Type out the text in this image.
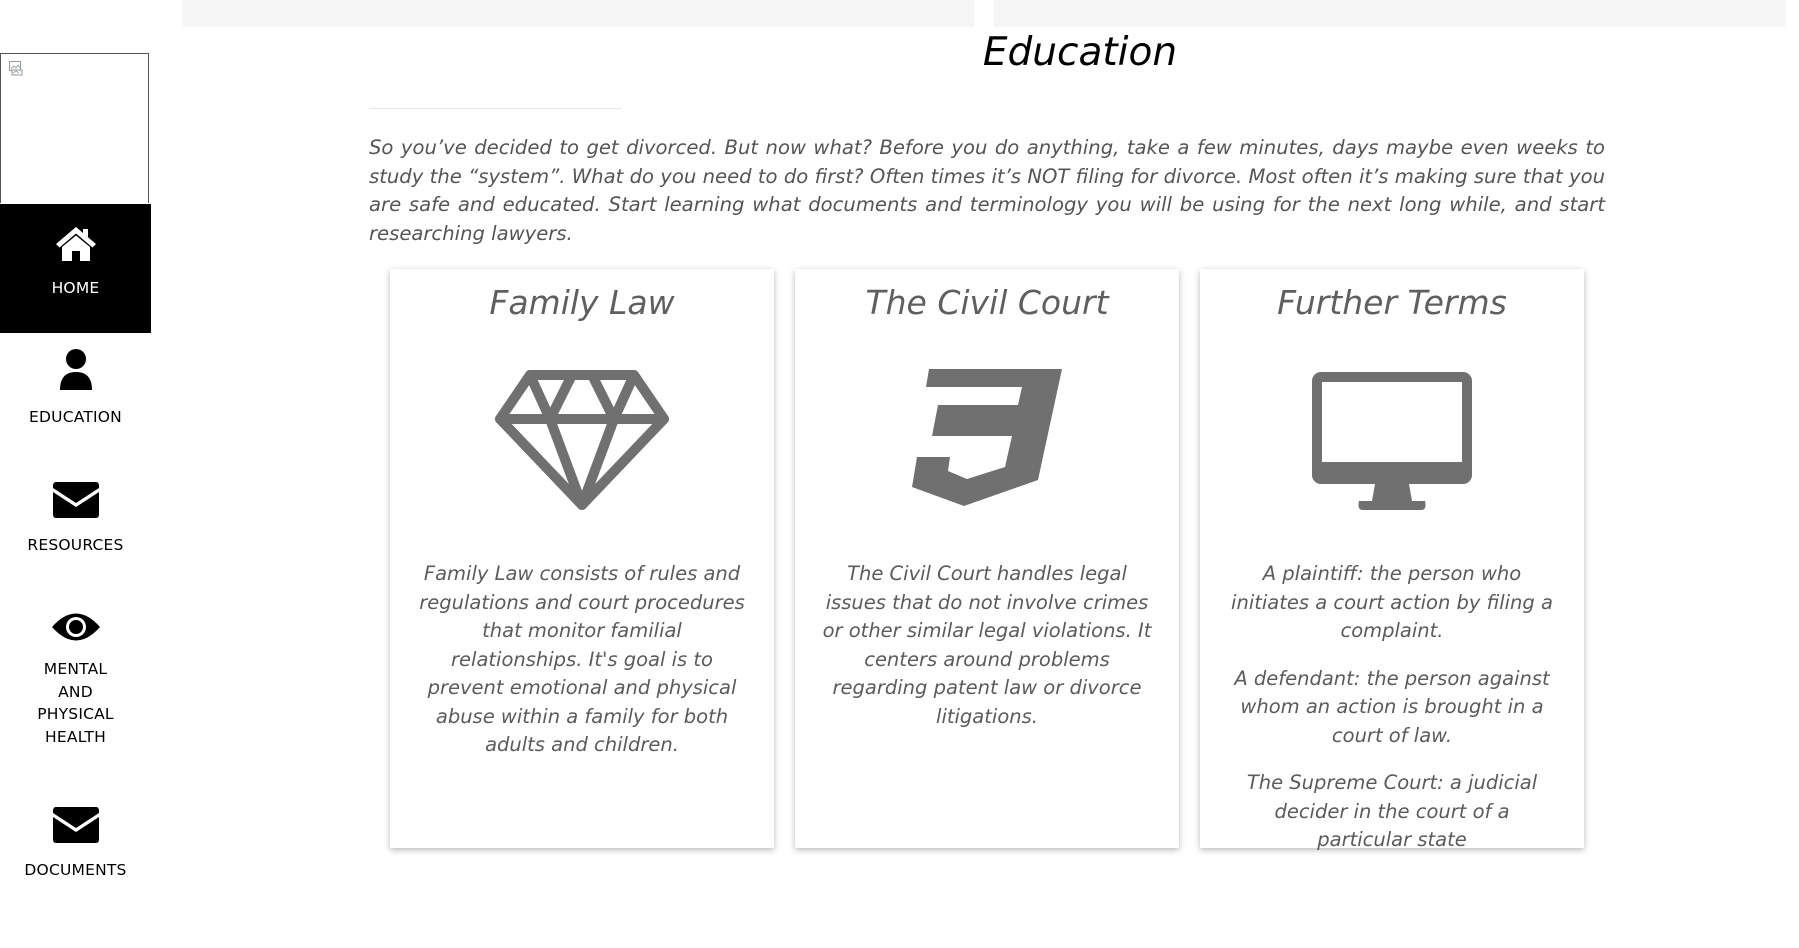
HOME
EDUCATION
RESOURCES
MENTAL AND PHYSICAL HEALTH
DOCUMENTS
Education

So you’ve decided to get divorced. But now what? Before you do anything, take a few minutes, days maybe even weeks to study the “system”. What do you need to do first? Often times it’s NOT filing for divorce. Most often it’s making sure that you are safe and educated. Start learning what documents and terminology you will be using for the next long while, and start researching lawyers.

Family Law

Family Law consists of rules and regulations and court procedures that monitor familial relationships. It's goal is to prevent emotional and physical abuse within a family for both adults and children.

The Civil Court

The Civil Court handles legal issues that do not involve crimes or other similar legal violations. It centers around problems regarding patent law or divorce litigations.

Further Terms

A plaintiff: the person who initiates a court action by filing a complaint.

A defendant: the person against whom an action is brought in a court of law.

The Supreme Court: a judicial decider in the court of a particular state
